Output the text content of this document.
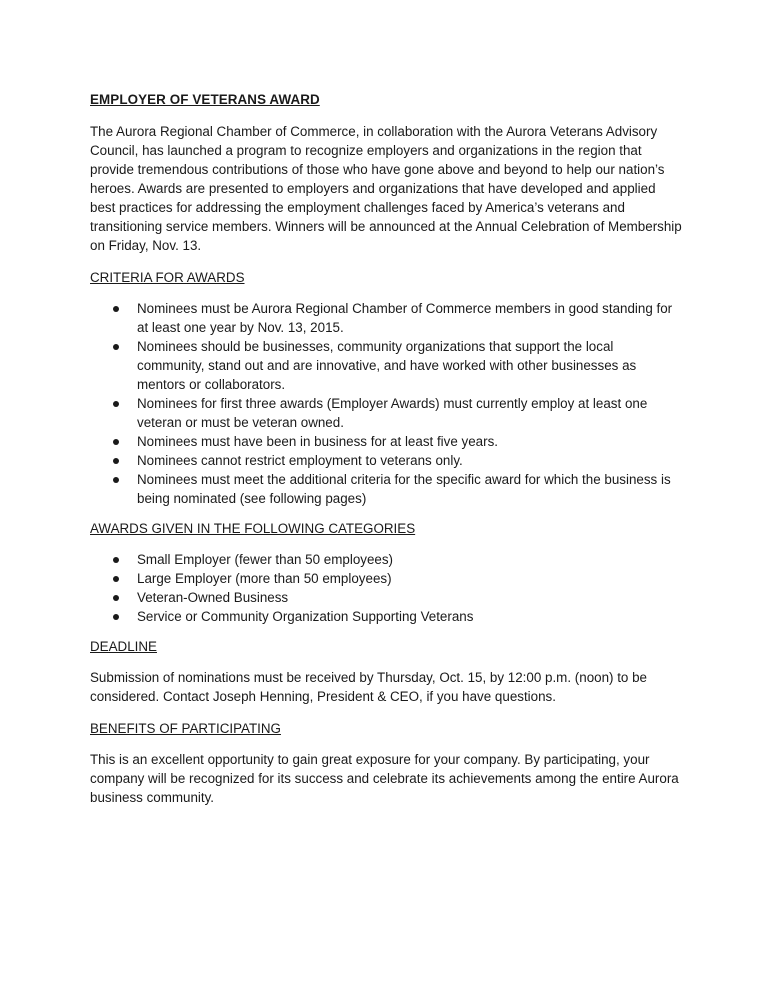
EMPLOYER OF VETERANS AWARD
The Aurora Regional Chamber of Commerce, in collaboration with the Aurora Veterans Advisory Council, has launched a program to recognize employers and organizations in the region that provide tremendous contributions of those who have gone above and beyond to help our nation’s heroes. Awards are presented to employers and organizations that have developed and applied best practices for addressing the employment challenges faced by America’s veterans and transitioning service members. Winners will be announced at the Annual Celebration of Membership on Friday, Nov. 13.
CRITERIA FOR AWARDS
Nominees must be Aurora Regional Chamber of Commerce members in good standing for at least one year by Nov. 13, 2015.
Nominees should be businesses, community organizations that support the local community, stand out and are innovative, and have worked with other businesses as mentors or collaborators.
Nominees for first three awards (Employer Awards) must currently employ at least one veteran or must be veteran owned.
Nominees must have been in business for at least five years.
Nominees cannot restrict employment to veterans only.
Nominees must meet the additional criteria for the specific award for which the business is being nominated (see following pages)
AWARDS GIVEN IN THE FOLLOWING CATEGORIES
Small Employer (fewer than 50 employees)
Large Employer (more than 50 employees)
Veteran-Owned Business
Service or Community Organization Supporting Veterans
DEADLINE
Submission of nominations must be received by Thursday, Oct. 15, by 12:00 p.m. (noon) to be considered. Contact Joseph Henning, President & CEO, if you have questions.
BENEFITS OF PARTICIPATING
This is an excellent opportunity to gain great exposure for your company. By participating, your company will be recognized for its success and celebrate its achievements among the entire Aurora business community.
